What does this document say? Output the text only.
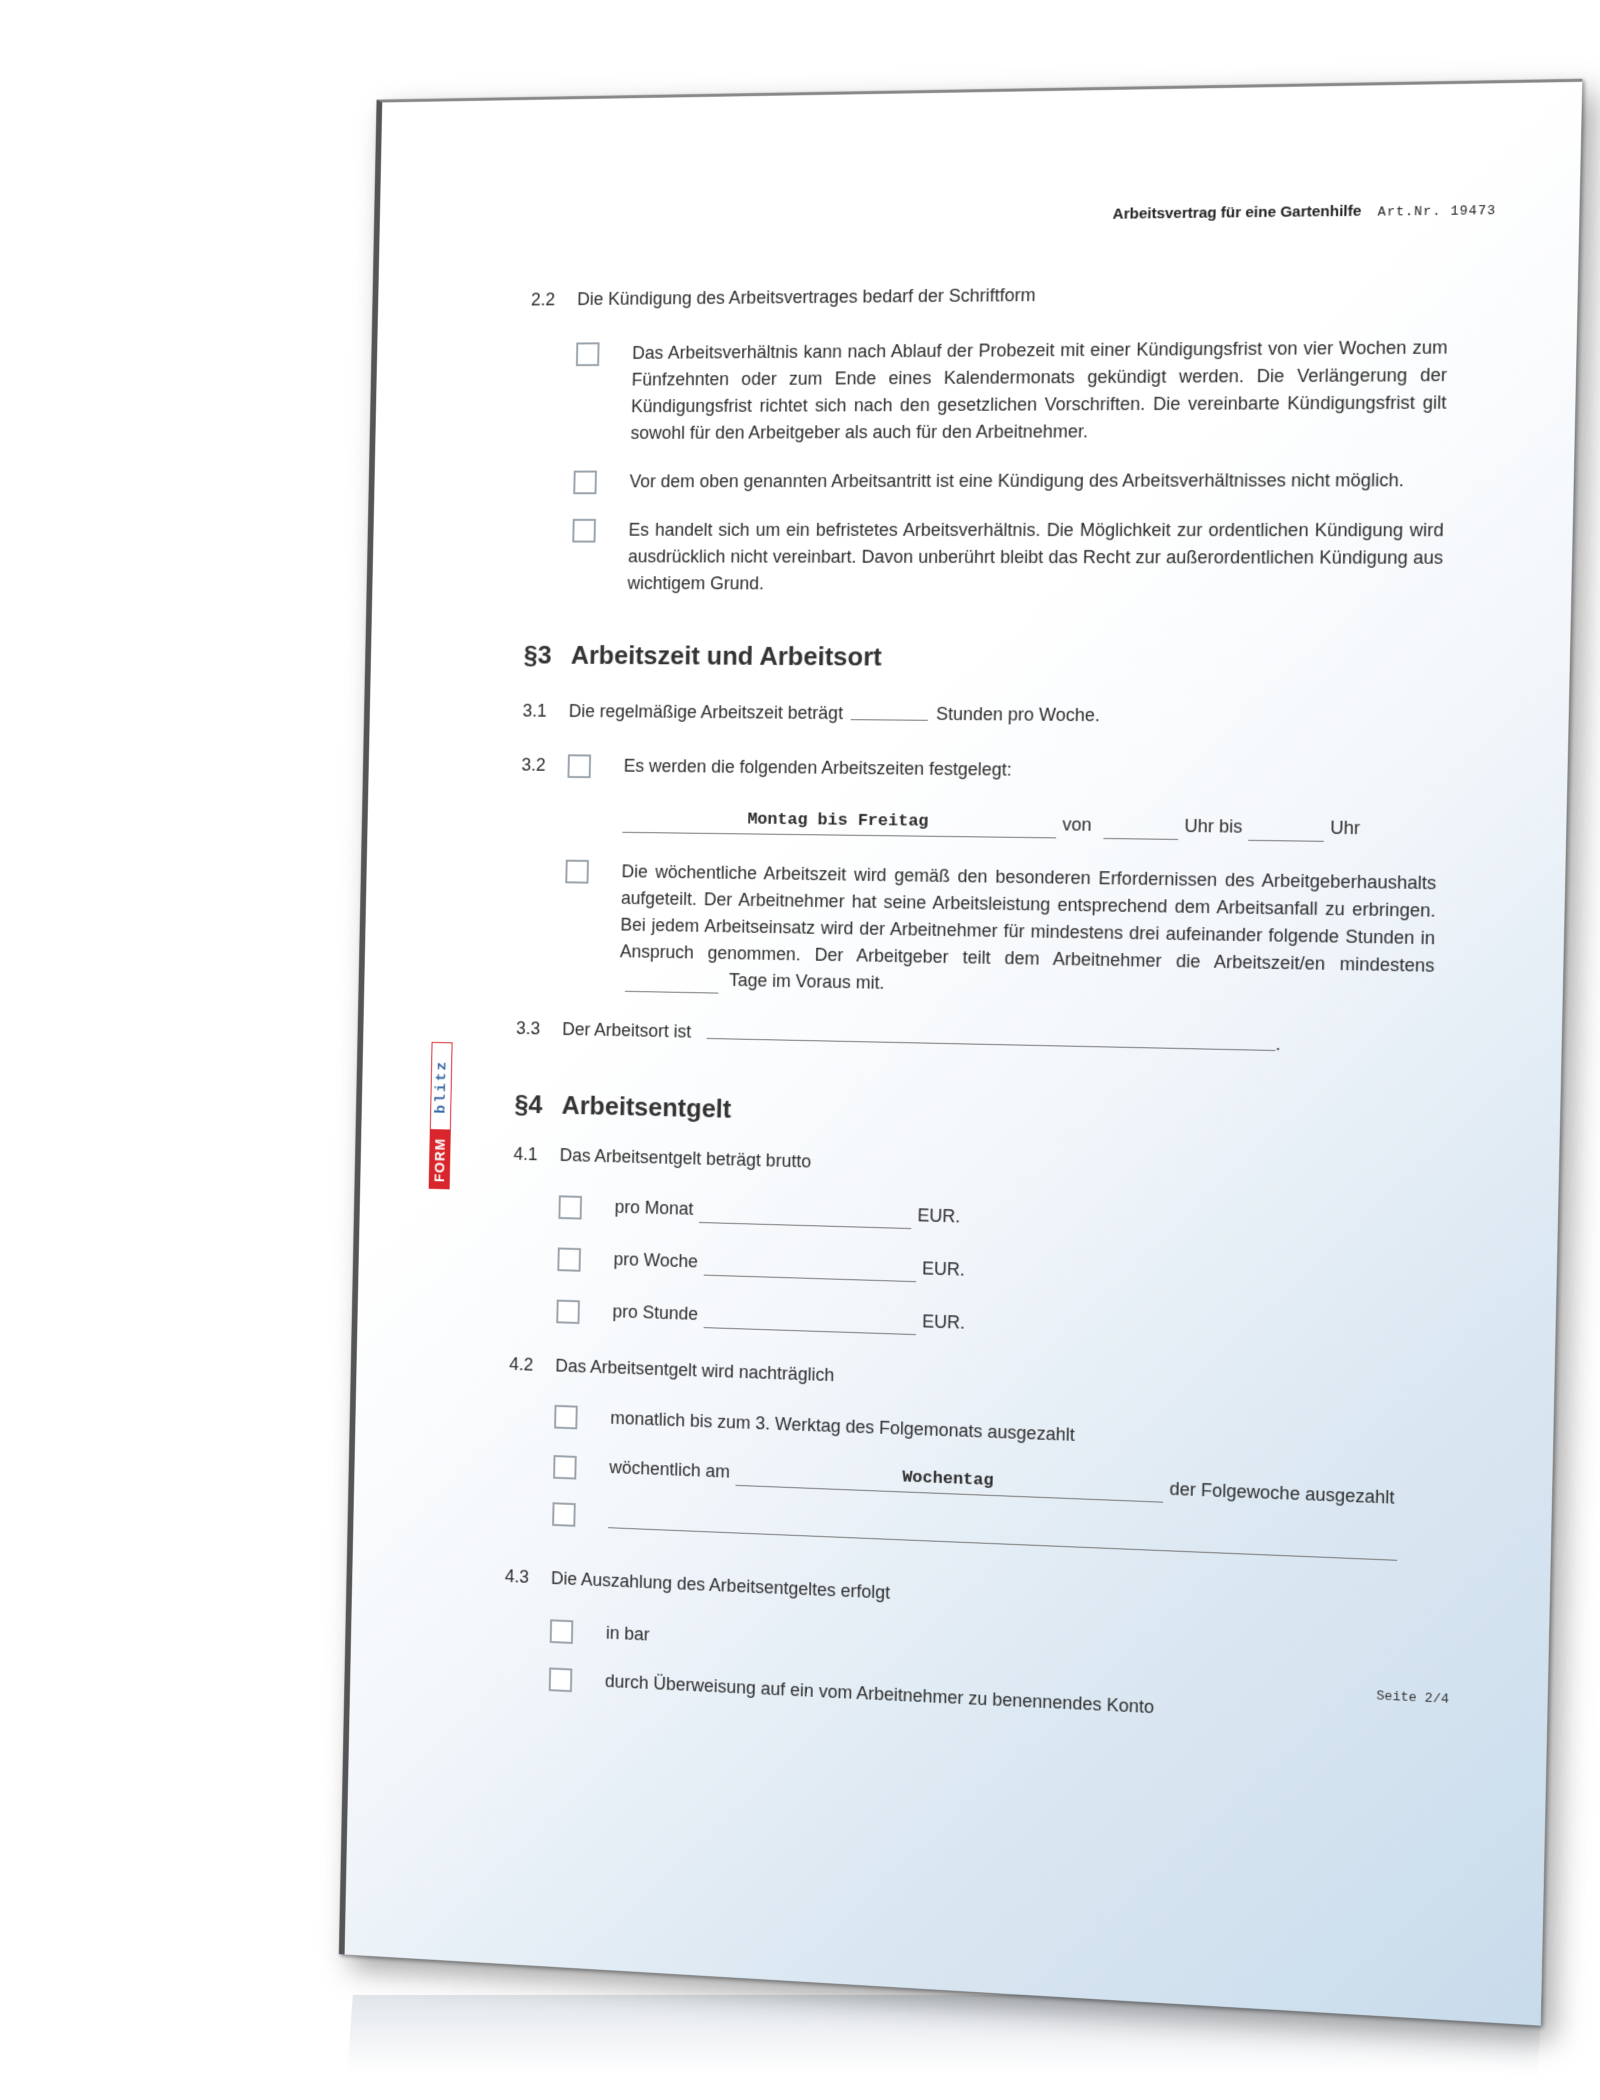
Arbeitsvertrag für eine Gartenhilfe Art.Nr. 19473
FORM
blitz
2.2	Die Kündigung des Arbeitsvertrages bedarf der Schriftform
Das Arbeitsverhältnis kann nach Ablauf der Probezeit mit einer Kündigungsfrist von vier Wochen zum Fünfzehnten oder zum Ende eines Kalendermonats gekündigt werden. Die Verlängerung der Kündigungsfrist richtet sich nach den gesetzlichen Vorschriften. Die vereinbarte Kündigungsfrist gilt sowohl für den Arbeitgeber als auch für den Arbeitnehmer.
Vor dem oben genannten Arbeitsantritt ist eine Kündigung des Arbeitsverhältnisses nicht möglich.
Es handelt sich um ein befristetes Arbeitsverhältnis. Die Möglichkeit zur ordentlichen Kündigung wird ausdrücklich nicht vereinbart. Davon unberührt bleibt das Recht zur außerordentlichen Kündigung aus wichtigem Grund.
§3 Arbeitszeit und Arbeitsort
3.1	Die regelmäßige Arbeitszeit beträgt	Stunden pro Woche.
3.2	Es werden die folgenden Arbeitszeiten festgelegt:
Montag bis Freitag	von	Uhr bis	Uhr
Die wöchentliche Arbeitszeit wird gemäß den besonderen Erfordernissen des Arbeitgeberhaushalts aufgeteilt. Der Arbeitnehmer hat seine Arbeitsleistung entsprechend dem Arbeitsanfall zu erbringen. Bei jedem Arbeitseinsatz wird der Arbeitnehmer für mindestens drei aufeinander folgende Stunden in Anspruch genommen. Der Arbeitgeber teilt dem Arbeitnehmer die Arbeitszeit/en mindestens  Tage im Voraus mit.
3.3	Der Arbeitsort ist
.
§4 Arbeitsentgelt
4.1	Das Arbeitsentgelt beträgt brutto
pro Monat	EUR.
pro Woche	EUR.
pro Stunde	EUR.
4.2	Das Arbeitsentgelt wird nachträglich
monatlich bis zum 3. Werktag des Folgemonats ausgezahlt
wöchentlich am	Wochentag	der Folgewoche ausgezahlt
4.3	Die Auszahlung des Arbeitsentgeltes erfolgt
in bar
durch Überweisung auf ein vom Arbeitnehmer zu benennendes Konto	Seite 2/4
